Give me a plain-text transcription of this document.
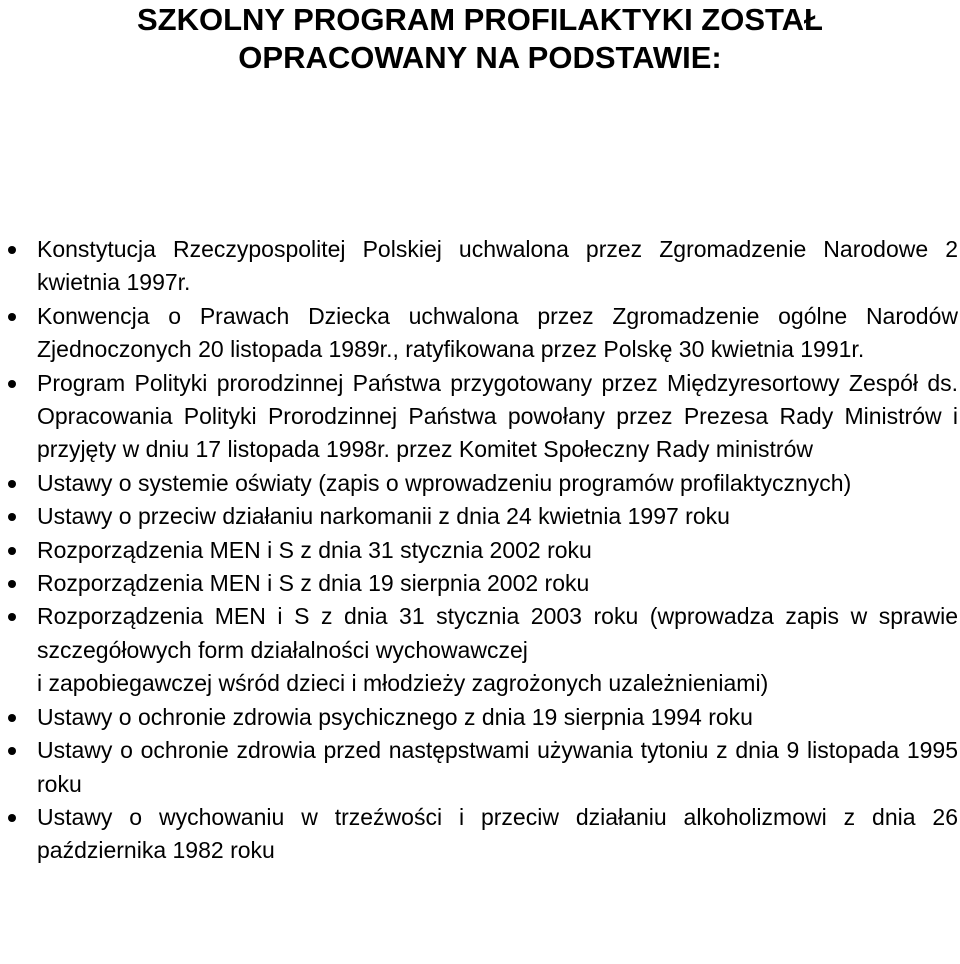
SZKOLNY PROGRAM PROFILAKTYKI ZOSTAŁ
OPRACOWANY NA PODSTAWIE:
Konstytucja Rzeczypospolitej Polskiej uchwalona przez Zgromadzenie Narodowe 2 kwietnia 1997r.
Konwencja o Prawach Dziecka uchwalona przez Zgromadzenie ogólne Narodów Zjednoczonych 20 listopada 1989r., ratyfikowana przez Polskę 30 kwietnia 1991r.
Program Polityki prorodzinnej Państwa przygotowany przez Międzyresortowy Zespół ds. Opracowania Polityki Prorodzinnej Państwa powołany przez Prezesa Rady Ministrów i przyjęty w dniu 17 listopada 1998r. przez Komitet Społeczny Rady ministrów
Ustawy o systemie oświaty (zapis o wprowadzeniu programów profilaktycznych)
Ustawy o przeciw działaniu narkomanii z dnia 24 kwietnia 1997 roku
Rozporządzenia MEN i S z dnia 31 stycznia 2002 roku
Rozporządzenia MEN i S z dnia 19 sierpnia 2002 roku
Rozporządzenia MEN i S z dnia 31 stycznia 2003 roku (wprowadza zapis w sprawie szczegółowych form działalności wychowawczej
i zapobiegawczej wśród dzieci i młodzieży zagrożonych uzależnieniami)
Ustawy o ochronie zdrowia psychicznego z dnia 19 sierpnia 1994 roku
Ustawy o ochronie zdrowia przed następstwami używania tytoniu z dnia 9 listopada 1995 roku
Ustawy o wychowaniu w trzeźwości i przeciw działaniu alkoholizmowi z dnia 26 października 1982 roku
